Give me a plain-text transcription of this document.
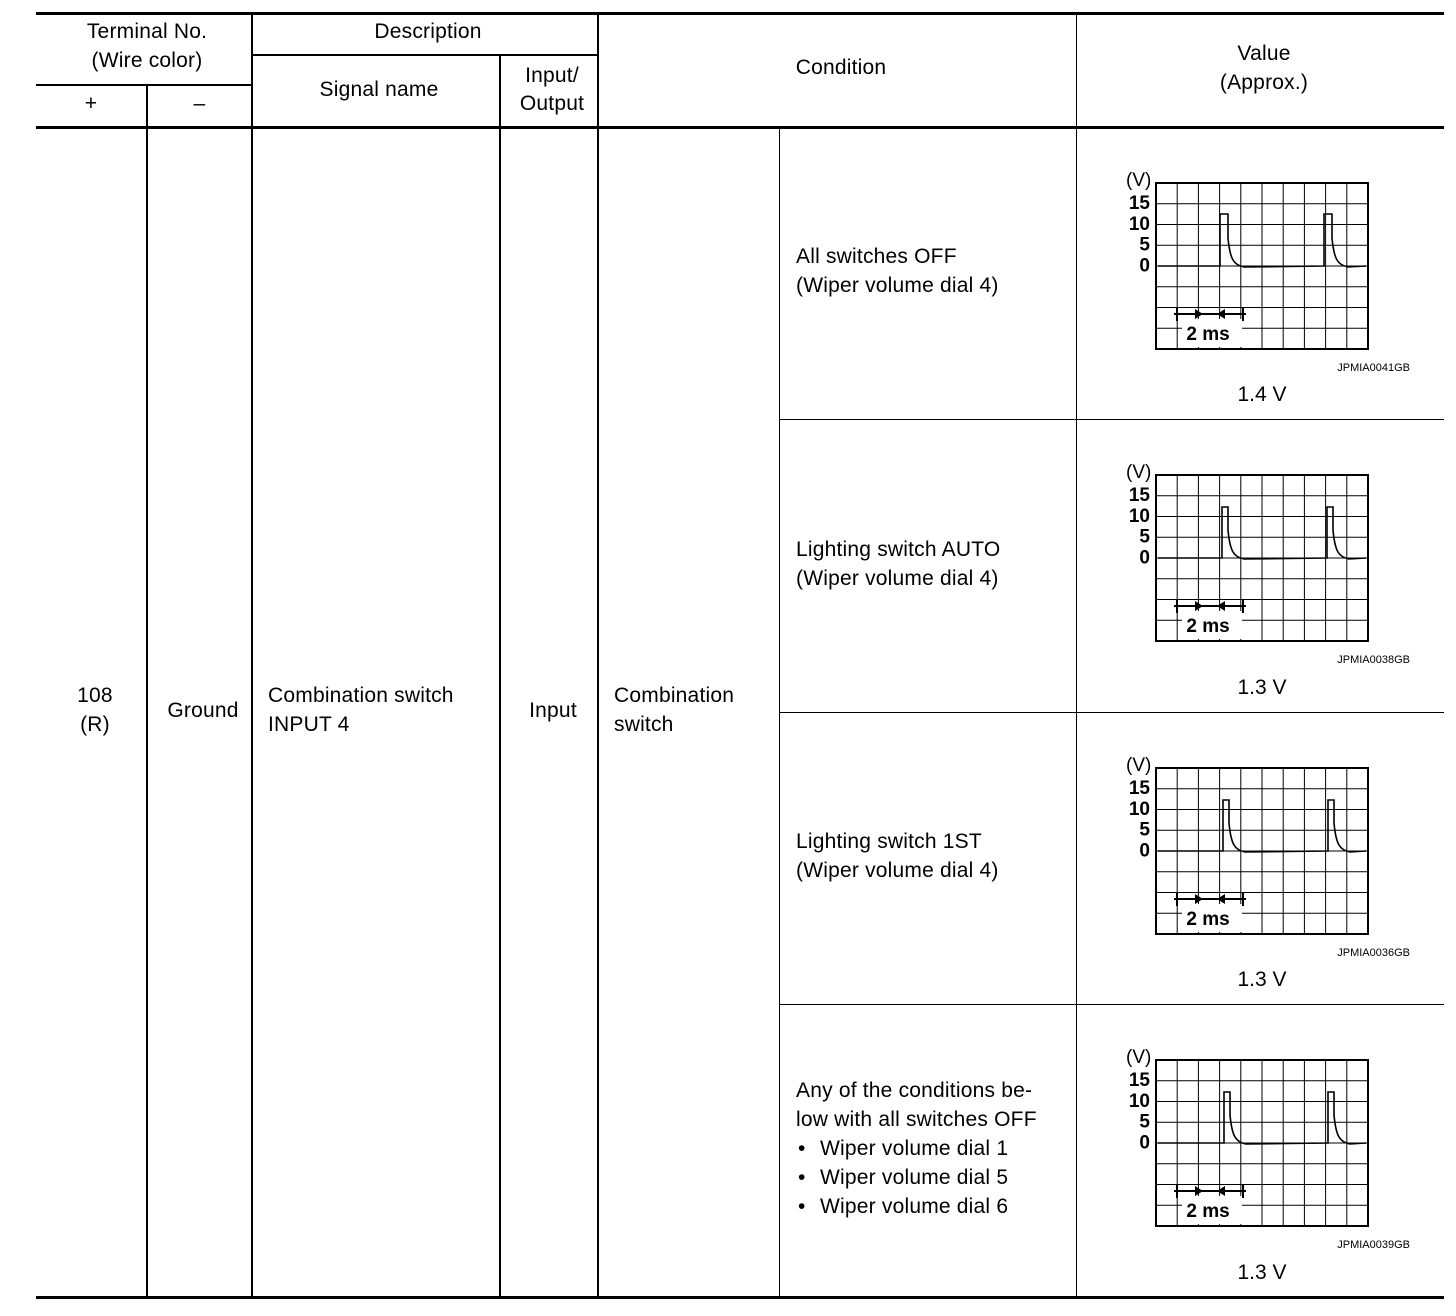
Terminal No.
(Wire color)
+	–
Description
Signal name
Input/
Output
Condition
Value
(Approx.)
108
(R)
Ground
Combination switch
INPUT 4
Input
Combination
switch
All switches OFF
(Wiper volume dial 4)
Lighting switch AUTO
(Wiper volume dial 4)
Lighting switch 1ST
(Wiper volume dial 4)
Any of the conditions be-
low with all switches OFF
• Wiper volume dial 1
• Wiper volume dial 5
• Wiper volume dial 6
(V)
15
10
5
0
2 ms
JPMIA0041GB
(V)
15
10
5
0
2 ms
JPMIA0038GB
(V)
15
10
5
0
2 ms
JPMIA0036GB
(V)
15
10
5
0
2 ms
JPMIA0039GB
1.4 V
1.3 V
1.3 V
1.3 V
